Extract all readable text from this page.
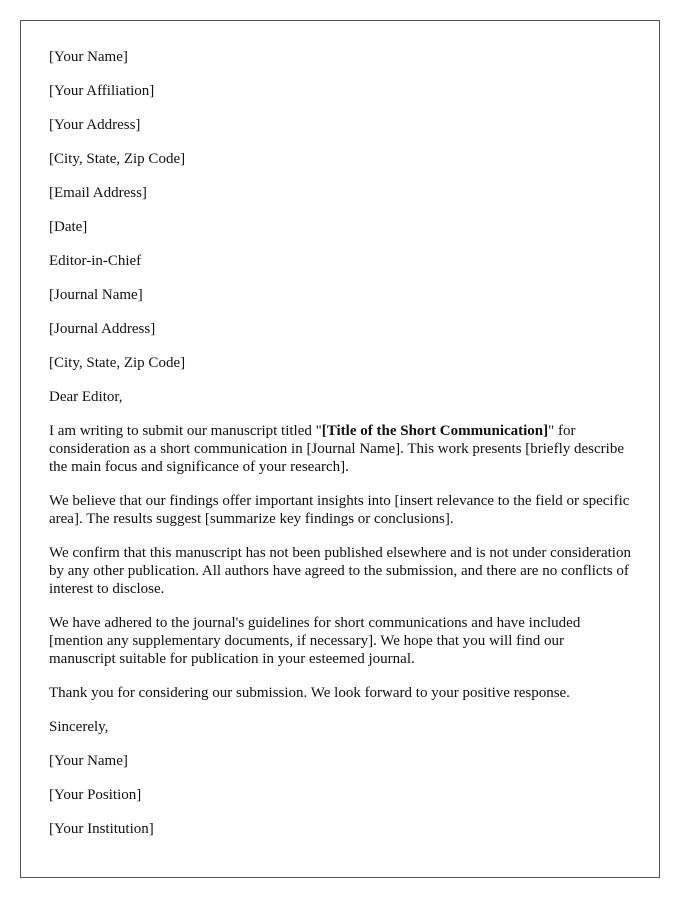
[Your Name]
[Your Affiliation]
[Your Address]
[City, State, Zip Code]
[Email Address]
[Date]
Editor-in-Chief
[Journal Name]
[Journal Address]
[City, State, Zip Code]
Dear Editor,

I am writing to submit our manuscript titled "[Title of the Short Communication]" for consideration as a short communication in [Journal Name]. This work presents [briefly describe the main focus and significance of your research].

We believe that our findings offer important insights into [insert relevance to the field or specific area]. The results suggest [summarize key findings or conclusions].

We confirm that this manuscript has not been published elsewhere and is not under consideration by any other publication. All authors have agreed to the submission, and there are no conflicts of interest to disclose.

We have adhered to the journal's guidelines for short communications and have included [mention any supplementary documents, if necessary]. We hope that you will find our manuscript suitable for publication in your esteemed journal.

Thank you for considering our submission. We look forward to your positive response.

Sincerely,
[Your Name]
[Your Position]
[Your Institution]
